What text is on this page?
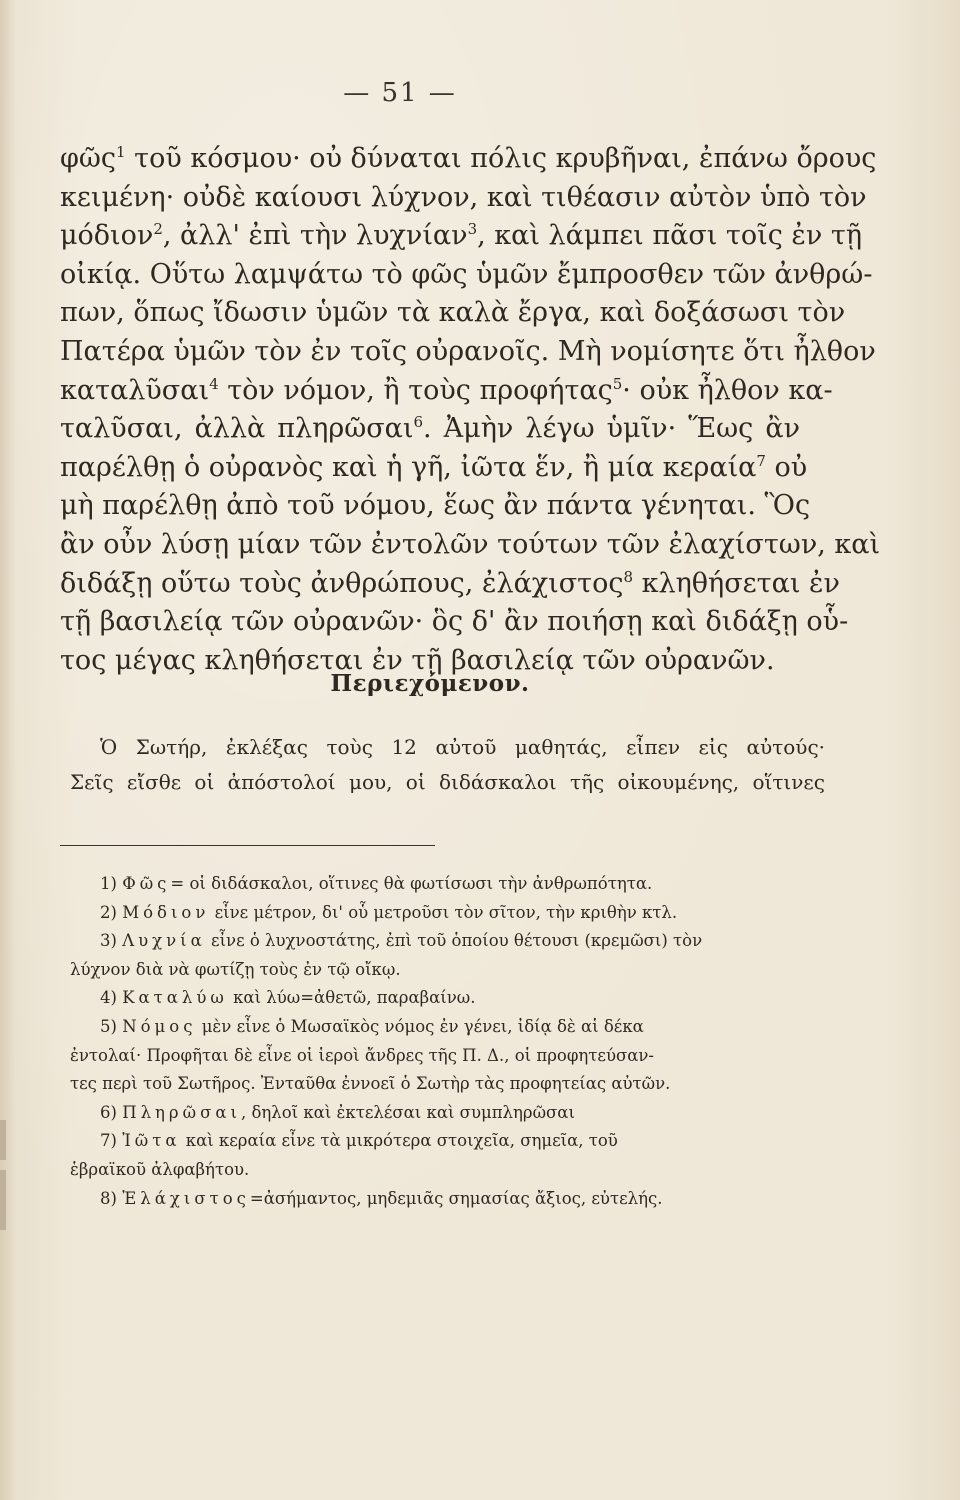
— 51 —
φῶς$^1$ τοῦ κόσμου· οὐ δύναται πόλις κρυβῆναι, ἐπάνω ὄρους
κειμένη· οὐδὲ καίουσι λύχνον, καὶ τιθέασιν αὐτὸν ὑπὸ τὸν
μόδιον$^2$, ἀλλ' ἐπὶ τὴν λυχνίαν$^3$, καὶ λάμπει πᾶσι τοῖς ἐν τῇ
οἰκίᾳ. Οὕτω λαμψάτω τὸ φῶς ὑμῶν ἔμπροσθεν τῶν ἀνθρώ-
πων, ὅπως ἴδωσιν ὑμῶν τὰ καλὰ ἔργα, καὶ δοξάσωσι τὸν
Πατέρα ὑμῶν τὸν ἐν τοῖς οὐρανοῖς. Μὴ νομίσητε ὅτι ἦλθον
καταλῦσαι$^4$ τὸν νόμον, ἢ τοὺς προφήτας$^5$· οὐκ ἦλθον κα-
ταλῦσαι, ἀλλὰ πληρῶσαι$^6$. Ἀμὴν λέγω ὑμῖν· Ἕως ἂν
παρέλθῃ ὁ οὐρανὸς καὶ ἡ γῆ, ἰῶτα ἕν, ἢ μία κεραία$^7$ οὐ
μὴ παρέλθῃ ἀπὸ τοῦ νόμου, ἕως ἂν πάντα γένηται. Ὃς
ἂν οὖν λύσῃ μίαν τῶν ἐντολῶν τούτων τῶν ἐλαχίστων, καὶ
διδάξῃ οὕτω τοὺς ἀνθρώπους, ἐλάχιστος$^8$ κληθήσεται ἐν
τῇ βασιλείᾳ τῶν οὐρανῶν· ὃς δ' ἂν ποιήσῃ καὶ διδάξῃ οὗ-
τος μέγας κληθήσεται ἐν τῇ βασιλείᾳ τῶν οὐρανῶν.
Περιεχόμενον.
Ὁ Σωτήρ, ἐκλέξας τοὺς 12 αὐτοῦ μαθητάς, εἶπεν εἰς αὐτούς·
Σεῖς εἴσθε οἱ ἀπόστολοί μου, οἱ διδάσκαλοι τῆς οἰκουμένης, οἵτινες
1) Φῶς= οἱ διδάσκαλοι, οἵτινες θὰ φωτίσωσι τὴν ἀνθρωπότητα.
2) Μόδιον εἶνε μέτρον, δι' οὗ μετροῦσι τὸν σῖτον, τὴν κριθὴν κτλ.
3) Λυχνία εἶνε ὁ λυχνοστάτης, ἐπὶ τοῦ ὁποίου θέτουσι (κρεμῶσι) τὸν
λύχνον διὰ νὰ φωτίζῃ τοὺς ἐν τῷ οἴκῳ.
4) Καταλύω καὶ λύω=ἀθετῶ, παραβαίνω.
5) Νόμος μὲν εἶνε ὁ Μωσαϊκὸς νόμος ἐν γένει, ἰδίᾳ δὲ αἱ δέκα
ἐντολαί· Προφῆται δὲ εἶνε οἱ ἱεροὶ ἄνδρες τῆς Π. Δ., οἱ προφητεύσαν-
τες περὶ τοῦ Σωτῆρος. Ἐνταῦθα ἐννοεῖ ὁ Σωτὴρ τὰς προφητείας αὐτῶν.
6) Πληρῶσαι, δηλοῖ καὶ ἐκτελέσαι καὶ συμπληρῶσαι
7) Ἰῶτα καὶ κεραία εἶνε τὰ μικρότερα στοιχεῖα, σημεῖα, τοῦ
ἑβραϊκοῦ ἀλφαβήτου.
8) Ἐλάχιστος=ἀσήμαντος, μηδεμιᾶς σημασίας ἄξιος, εὐτελής.
